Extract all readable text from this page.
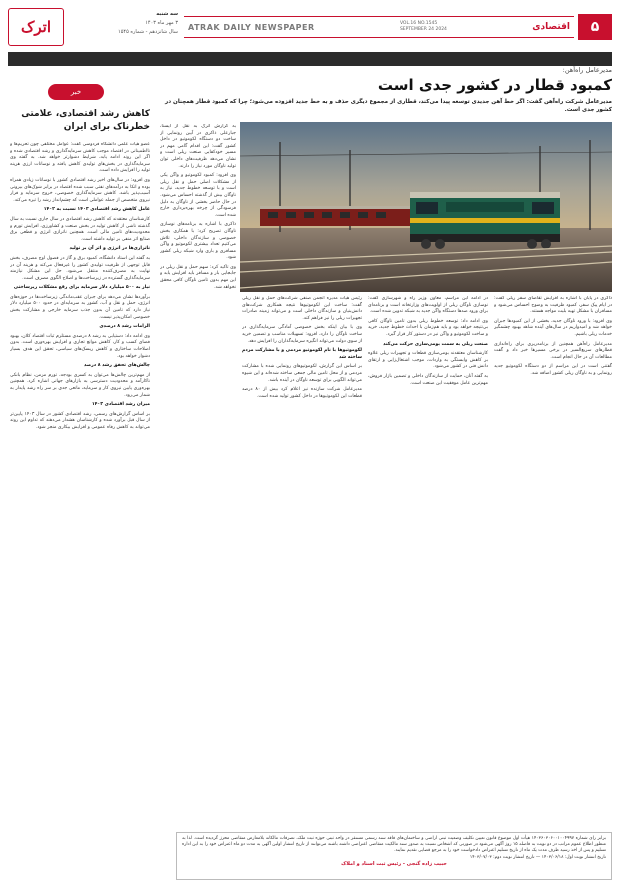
اترک
سه شنبه
۳ مهر ماه ۱۴۰۳
سال شانزدهم - شماره ۱۵۴۵
ATRAK DAILY NEWSPAPER	VOL.16 NO.1545
SEPTEMBER 24 2024	اقتصادی	۵
خبر
کاهش رشد اقتصادی، علامتی خطرناک برای ایران

عضو هیأت علمی دانشگاه فردوسی گفت: عوامل مختلفی چون تحریم‌ها و نااطمینانی در اقتصاد موجب کاهش سرمایه‌گذاری و رشد اقتصادی شده و اگر این روند ادامه یابد، شرایط دشوارتر خواهد شد. به گفته وی سرمایه‌گذاری در بخش‌های تولیدی کاهش یافته و نوسانات ارزی هزینه تولید را افزایش داده است.

وی افزود: در سال‌های اخیر رشد اقتصادی کشور با نوسانات زیادی همراه بوده و اتکا به درآمدهای نفتی سبب شده اقتصاد در برابر شوک‌های بیرونی آسیب‌پذیر باشد. کاهش سرمایه‌گذاری خصوصی، خروج سرمایه و فرار نیروی متخصص از جمله عواملی است که چشم‌انداز رشد را تیره می‌کند.

عامل کاهش رشد اقتصادی ۱۴۰۳ نسبت به ۱۴۰۲

کارشناسان معتقدند که کاهش رشد اقتصادی در سال جاری نسبت به سال گذشته ناشی از کاهش تولید در بخش صنعت و کشاورزی، افزایش تورم و محدودیت‌های تامین مالی است. همچنین ناترازی انرژی و قطعی برق صنایع اثر منفی بر تولید داشته است.

ناترازی‌ها در انرژی و اثر آن بر تولید

به گفته این استاد دانشگاه، کمبود برق و گاز در فصول اوج مصرف، بخش قابل توجهی از ظرفیت تولیدی کشور را غیرفعال می‌کند و هزینه آن در نهایت به مصرف‌کننده منتقل می‌شود. حل این مشکل نیازمند سرمایه‌گذاری گسترده در زیرساخت‌ها و اصلاح الگوی مصرف است.

نیاز به ۵۰۰ میلیارد دلار سرمایه برای رفع مشکلات زیرساختی

برآوردها نشان می‌دهد برای جبران عقب‌ماندگی زیرساخت‌ها در حوزه‌های انرژی، حمل و نقل و آب، کشور به سرمایه‌ای در حدود ۵۰۰ میلیارد دلار نیاز دارد که تامین آن بدون جذب سرمایه خارجی و مشارکت بخش خصوصی امکان‌پذیر نیست.

الزامات رشد ۸ درصدی

وی ادامه داد: دستیابی به رشد ۸ درصدی مستلزم ثبات اقتصاد کلان، بهبود فضای کسب و کار، کاهش موانع تجاری و افزایش بهره‌وری است. بدون اصلاحات ساختاری و کاهش ریسک‌های سیاسی، تحقق این هدف بسیار دشوار خواهد بود.

چالش‌های تحقق رشد ۸ درصد

از مهم‌ترین چالش‌ها می‌توان به کسری بودجه، تورم مزمن، نظام بانکی ناکارآمد و محدودیت دسترسی به بازارهای جهانی اشاره کرد. همچنین بهره‌وری پایین نیروی کار و سرمایه، مانعی جدی بر سر راه رشد پایدار به شمار می‌رود.

میزان رشد اقتصادی ۱۴۰۳

بر اساس گزارش‌های رسمی، رشد اقتصادی کشور در سال ۱۴۰۳ پایین‌تر از سال قبل برآورد شده و کارشناسان هشدار می‌دهند که تداوم این روند می‌تواند به کاهش رفاه عمومی و افزایش بیکاری منجر شود.

مدیرعامل راه‌آهن:
کمبود قطار در کشور جدی است
مدیرعامل شرکت راه‌آهن گفت: اگر خط آهن جدیدی توسعه پیدا می‌کند، قطاری از مجموع دیگری حذف و به خط جدید افزوده می‌شود؛ چرا که کمبود قطار همچنان در کشور جدی است.

به گزارش اترک به نقل از ایسنا، جبارعلی ذاکری در آیین رونمایی از ساخت دو دستگاه لکوموتیو در داخل کشور گفت: این اقدام گامی مهم در مسیر خودکفایی صنعت ریلی است و نشان می‌دهد ظرفیت‌های داخلی توان تولید ناوگان مورد نیاز را دارند.

وی افزود: کمبود لکوموتیو و واگن یکی از مشکلات اصلی حمل و نقل ریلی است و با توسعه خطوط جدید، نیاز به ناوگان بیش از گذشته احساس می‌شود. در حال حاضر بخشی از ناوگان به دلیل فرسودگی از چرخه بهره‌برداری خارج شده است.

ذاکری با اشاره به برنامه‌های نوسازی ناوگان تصریح کرد: با همکاری بخش خصوصی و سازندگان داخلی، تلاش می‌کنیم تعداد بیشتری لکوموتیو و واگن مسافری و باری وارد شبکه ریلی کشور شود.

وی تاکید کرد: سهم حمل و نقل ریلی در جابجایی بار و مسافر باید افزایش یابد و این مهم بدون تامین ناوگان کافی محقق نخواهد شد.

رئیس هیأت مدیره انجمن صنفی شرکت‌های حمل و نقل ریلی گفت: ساخت این لکوموتیوها نتیجه همکاری شرکت‌های دانش‌بنیان و سازندگان داخلی است و می‌تواند زمینه صادرات تجهیزات ریلی را نیز فراهم کند.

وی با بیان اینکه بخش خصوصی آمادگی سرمایه‌گذاری در ساخت ناوگان را دارد، افزود: تسهیلات مناسب و تضمین خرید از سوی دولت می‌تواند انگیزه سرمایه‌گذاران را افزایش دهد.

لکوموتیوها با نام لکوموتیو مردمی و با مشارکت مردم ساخته شد

بر اساس این گزارش، لکوموتیوهای رونمایی شده با مشارکت مردمی و از محل تامین مالی جمعی ساخته شده‌اند و این شیوه می‌تواند الگویی برای توسعه ناوگان در آینده باشد.

مدیرعامل شرکت سازنده نیز اعلام کرد بیش از ۸۰ درصد قطعات این لکوموتیوها در داخل کشور تولید شده است.

در ادامه این مراسم، معاون وزیر راه و شهرسازی گفت: نوسازی ناوگان ریلی از اولویت‌های وزارتخانه است و برنامه‌ای برای ورود صدها دستگاه واگن جدید به شبکه تدوین شده است.

وی ادامه داد: توسعه خطوط ریلی بدون تامین ناوگان کافی بی‌نتیجه خواهد بود و باید هم‌زمان با احداث خطوط جدید، خرید و ساخت لکوموتیو و واگن نیز در دستور کار قرار گیرد.

صنعت ریلی به سمت بومی‌سازی حرکت می‌کند

کارشناسان معتقدند بومی‌سازی قطعات و تجهیزات ریلی علاوه بر کاهش وابستگی به واردات، موجب اشتغال‌زایی و ارتقای دانش فنی در کشور می‌شود.

به گفته آنان، حمایت از سازندگان داخلی و تضمین بازار فروش، مهم‌ترین عامل موفقیت این صنعت است.

ذاکری در پایان با اشاره به افزایش تقاضای سفر ریلی گفت: در ایام پیک سفر، کمبود ظرفیت به وضوح احساس می‌شود و مسافران با مشکل تهیه بلیت مواجه هستند.

وی افزود: با ورود ناوگان جدید، بخشی از این کمبودها جبران خواهد شد و امیدواریم در سال‌های آینده شاهد بهبود چشمگیر خدمات ریلی باشیم.

مدیرعامل راه‌آهن همچنین از برنامه‌ریزی برای راه‌اندازی قطارهای سریع‌السیر در برخی مسیرها خبر داد و گفت مطالعات آن در حال انجام است.

گفتنی است در این مراسم از دو دستگاه لکوموتیو جدید رونمایی و به ناوگان ریلی کشور اضافه شد.

برابر رای شماره ۱۴۰۳۶۰۳۰۶۰۰۱۰۰۴۹۹۷ هیأت اول موضوع قانون تعیین تکلیف وضعیت ثبتی اراضی و ساختمان‌های فاقد سند رسمی مستقر در واحد ثبتی حوزه ثبت ملک، تصرفات مالکانه بلامعارض متقاضی محرز گردیده است. لذا به منظور اطلاع عموم مراتب در دو نوبت به فاصله ۱۵ روز آگهی می‌شود در صورتی که اشخاص نسبت به صدور سند مالکیت متقاضی اعتراضی داشته باشند می‌توانند از تاریخ انتشار اولین آگهی به مدت دو ماه اعتراض خود را به این اداره تسلیم و پس از اخذ رسید ظرف مدت یک ماه از تاریخ تسلیم اعتراض دادخواست خود را به مرجع قضایی تقدیم نمایند.
تاریخ انتشار نوبت اول: ۱۴۰۳/۰۶/۱۸ — تاریخ انتشار نوبت دوم: ۱۴۰۳/۰۷/۰۳
حبیب زاده گنجی - رئیس ثبت اسناد و املاک
